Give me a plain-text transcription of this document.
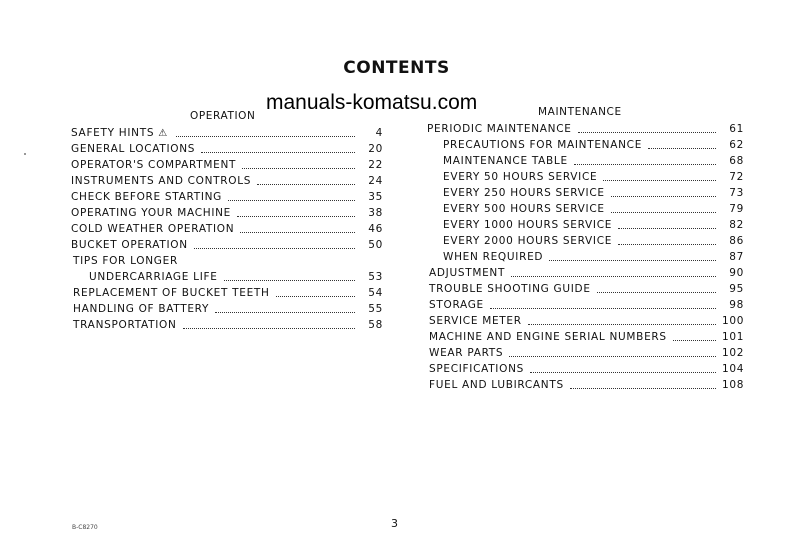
CONTENTS
manuals-komatsu.com
OPERATION	MAINTENANCE
SAFETY HINTS ⚠	4
GENERAL LOCATIONS	20
OPERATOR'S COMPARTMENT	22
INSTRUMENTS AND CONTROLS	24
CHECK BEFORE STARTING	35
OPERATING YOUR MACHINE	38
COLD WEATHER OPERATION	46
BUCKET OPERATION	50
TIPS FOR LONGER
UNDERCARRIAGE LIFE	53
REPLACEMENT OF BUCKET TEETH	54
HANDLING OF BATTERY	55
TRANSPORTATION	58
PERIODIC MAINTENANCE	61
PRECAUTIONS FOR MAINTENANCE	62
MAINTENANCE TABLE	68
EVERY 50 HOURS SERVICE	72
EVERY 250 HOURS SERVICE	73
EVERY 500 HOURS SERVICE	79
EVERY 1000 HOURS SERVICE	82
EVERY 2000 HOURS SERVICE	86
WHEN REQUIRED	87
ADJUSTMENT	90
TROUBLE SHOOTING GUIDE	95
STORAGE	98
SERVICE METER	100
MACHINE AND ENGINE SERIAL NUMBERS	101
WEAR PARTS	102
SPECIFICATIONS	104
FUEL AND LUBIRCANTS	108
B-C8270	3
